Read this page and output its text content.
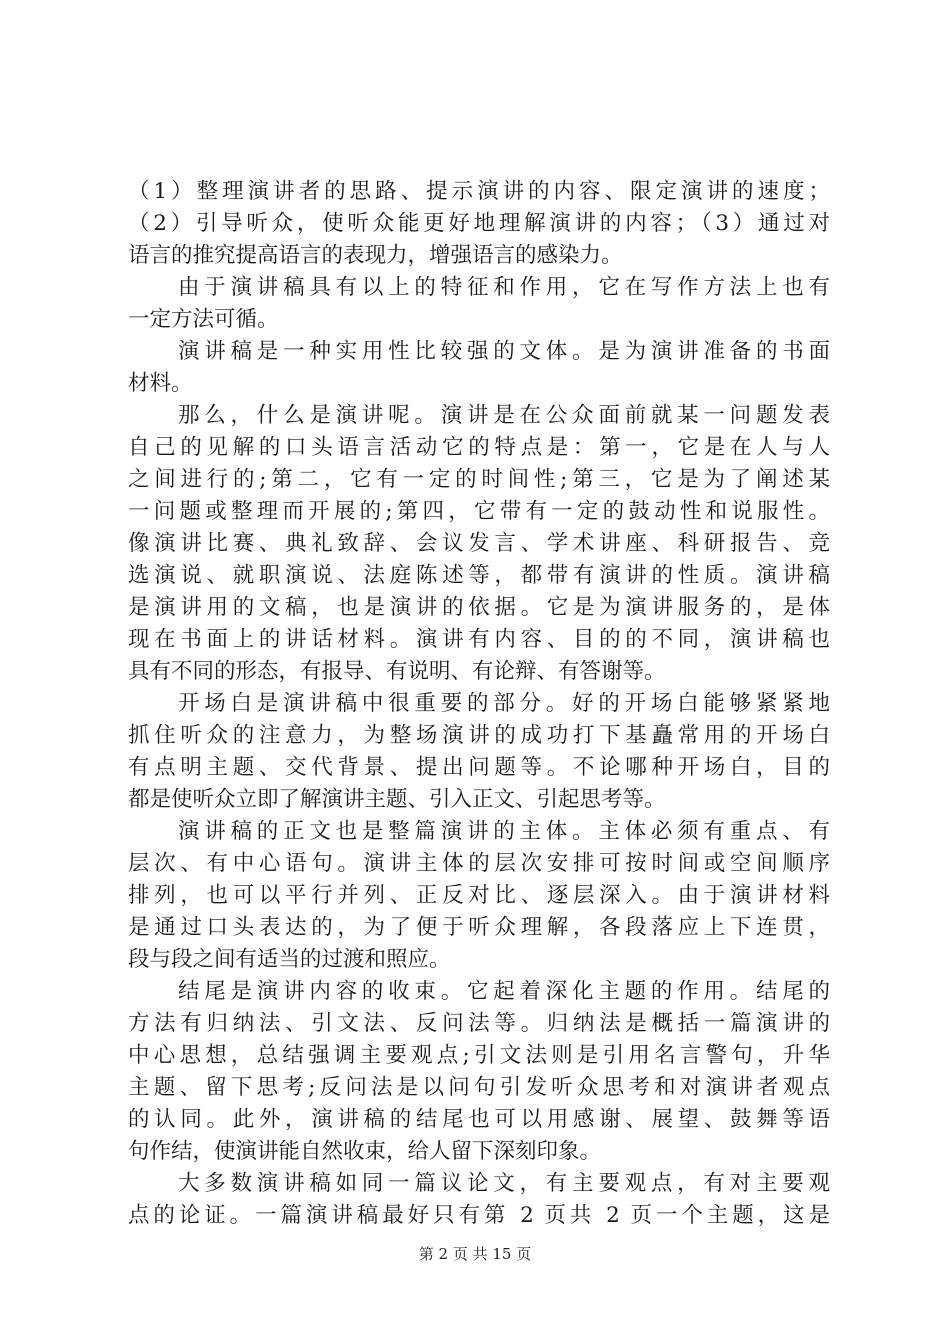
（1）整理演讲者的思路、提示演讲的内容、限定演讲的速度；
（2）引导听众，使听众能更好地理解演讲的内容；（3）通过对
语言的推究提高语言的表现力，增强语言的感染力。
由于演讲稿具有以上的特征和作用，它在写作方法上也有
一定方法可循。
演讲稿是一种实用性比较强的文体。是为演讲准备的书面
材料。
那么，什么是演讲呢。演讲是在公众面前就某一问题发表
自己的见解的口头语言活动它的特点是：第一，它是在人与人
之间进行的;第二，它有一定的时间性;第三，它是为了阐述某
一问题或整理而开展的;第四，它带有一定的鼓动性和说服性。
像演讲比赛、典礼致辞、会议发言、学术讲座、科研报告、竞
选演说、就职演说、法庭陈述等，都带有演讲的性质。演讲稿
是演讲用的文稿，也是演讲的依据。它是为演讲服务的，是体
现在书面上的讲话材料。演讲有内容、目的的不同，演讲稿也
具有不同的形态，有报导、有说明、有论辩、有答谢等。
开场白是演讲稿中很重要的部分。好的开场白能够紧紧地
抓住听众的注意力，为整场演讲的成功打下基矗常用的开场白
有点明主题、交代背景、提出问题等。不论哪种开场白，目的
都是使听众立即了解演讲主题、引入正文、引起思考等。
演讲稿的正文也是整篇演讲的主体。主体必须有重点、有
层次、有中心语句。演讲主体的层次安排可按时间或空间顺序
排列，也可以平行并列、正反对比、逐层深入。由于演讲材料
是通过口头表达的，为了便于听众理解，各段落应上下连贯，
段与段之间有适当的过渡和照应。
结尾是演讲内容的收束。它起着深化主题的作用。结尾的
方法有归纳法、引文法、反问法等。归纳法是概括一篇演讲的
中心思想，总结强调主要观点;引文法则是引用名言警句，升华
主题、留下思考;反问法是以问句引发听众思考和对演讲者观点
的认同。此外，演讲稿的结尾也可以用感谢、展望、鼓舞等语
句作结，使演讲能自然收束，给人留下深刻印象。
大多数演讲稿如同一篇议论文，有主要观点，有对主要观
点的论证。一篇演讲稿最好只有第 2 页共 2 页一个主题，这是
第 2 页 共 15 页
